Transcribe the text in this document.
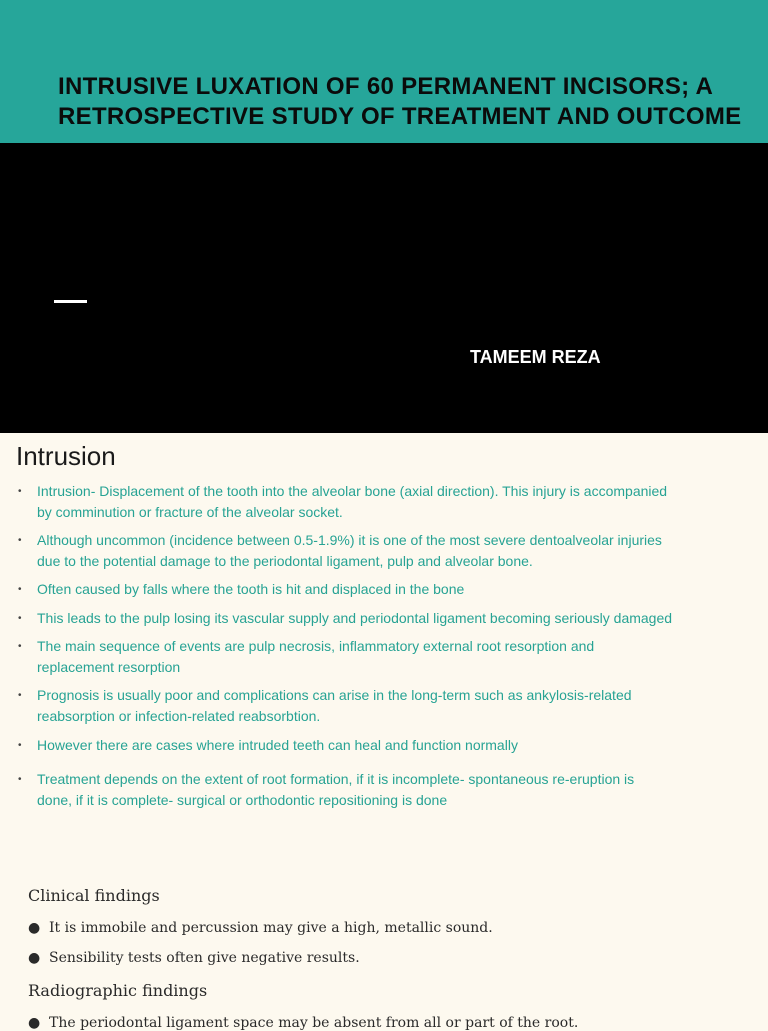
INTRUSIVE LUXATION OF 60 PERMANENT INCISORS; A
RETROSPECTIVE STUDY OF TREATMENT AND OUTCOME
TAMEEM REZA
Intrusion
• Intrusion- Displacement of the tooth into the alveolar bone (axial direction). This injury is accompanied
by comminution or fracture of the alveolar socket.
• Although uncommon (incidence between 0.5-1.9%) it is one of the most severe dentoalveolar injuries
due to the potential damage to the periodontal ligament, pulp and alveolar bone.
• Often caused by falls where the tooth is hit and displaced in the bone
• This leads to the pulp losing its vascular supply and periodontal ligament becoming seriously damaged
• The main sequence of events are pulp necrosis, inflammatory external root resorption and
replacement resorption
• Prognosis is usually poor and complications can arise in the long-term such as ankylosis-related
reabsorption or infection-related reabsorbtion.
• However there are cases where intruded teeth can heal and function normally
• Treatment depends on the extent of root formation, if it is incomplete- spontaneous re-eruption is
done, if it is complete- surgical or orthodontic repositioning is done
Clinical findings
● It is immobile and percussion may give a high, metallic sound.
● Sensibility tests often give negative results.
Radiographic findings
● The periodontal ligament space may be absent from all or part of the root.
